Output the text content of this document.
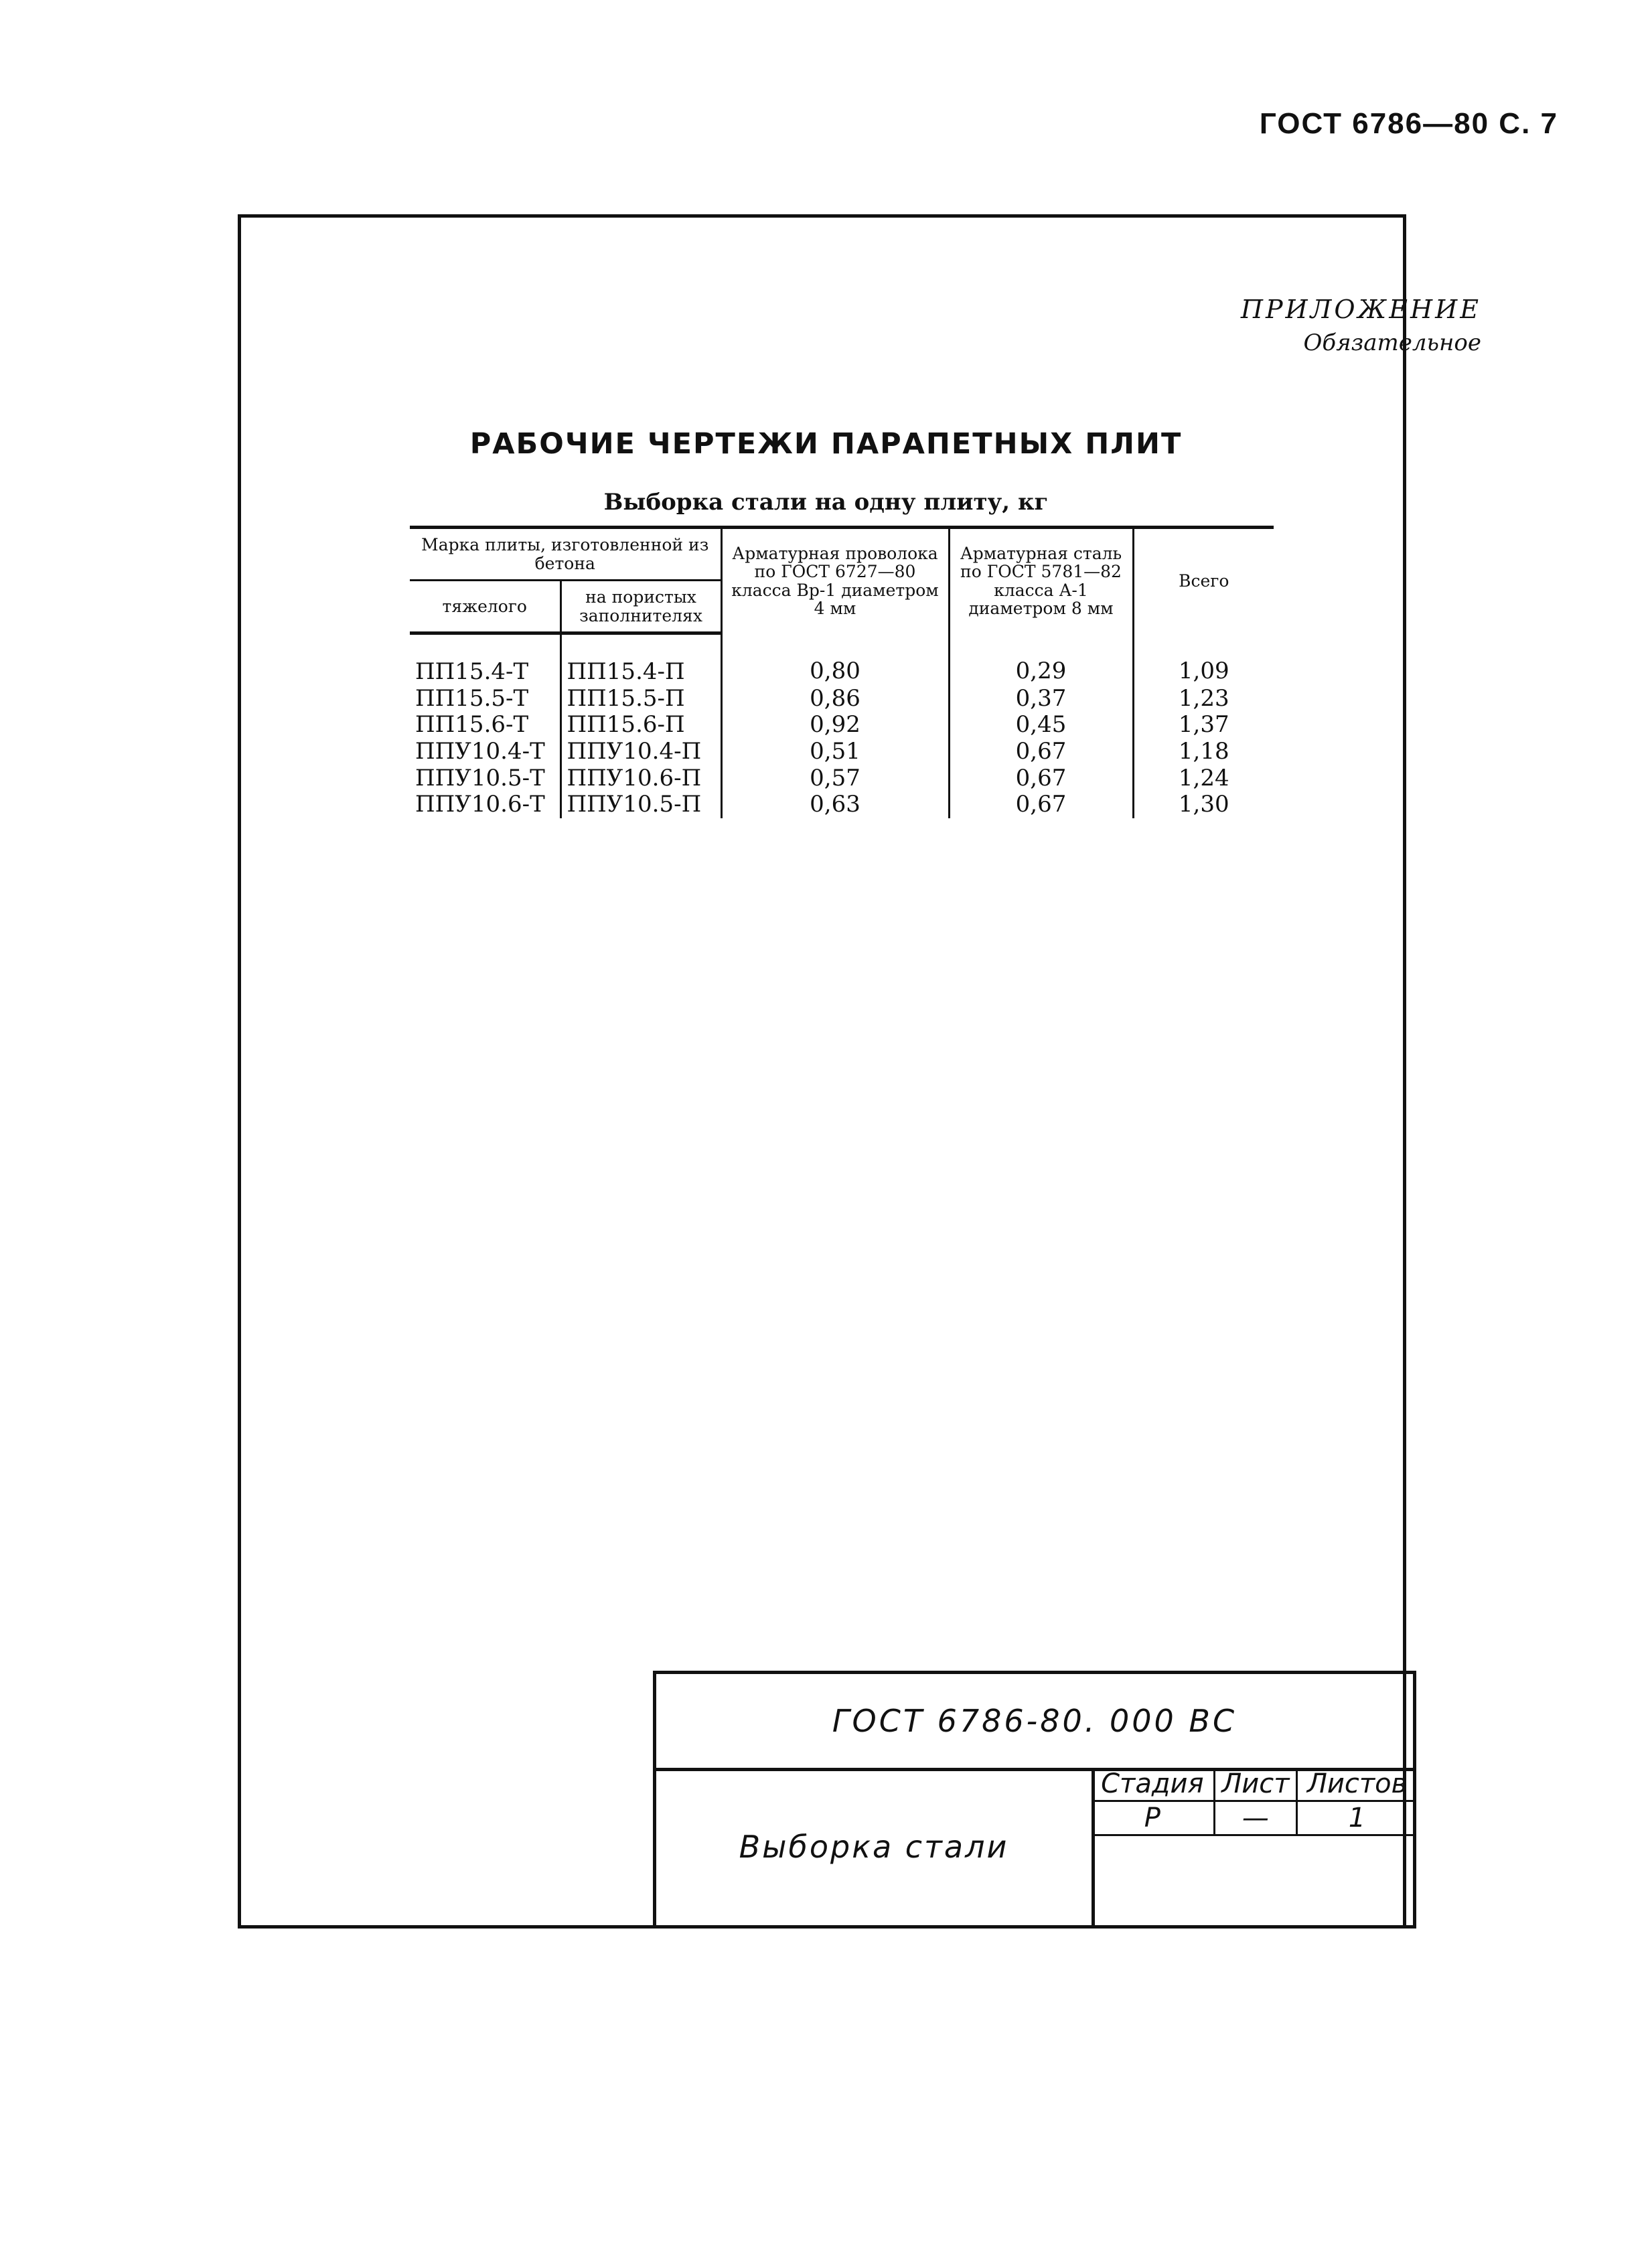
ГОСТ 6786—80 С. 7
ПРИЛОЖЕНИЕ
Обязательное
РАБОЧИЕ ЧЕРТЕЖИ ПАРАПЕТНЫХ ПЛИТ
Выборка стали на одну плиту, кг
Марка плиты, изготовленной из бетона		Арматурная проволока по ГОСТ 6727—80 класса Вр-1 диаметром 4 мм	Арматурная сталь по ГОСТ 5781—82 класса А-1 диаметром 8 мм	Всего
тяжелого	на пористых заполнителях			
ПП15.4-Т	ПП15.4-П	0,80	0,29	1,09
ПП15.5-Т	ПП15.5-П	0,86	0,37	1,23
ПП15.6-Т	ПП15.6-П	0,92	0,45	1,37
ППУ10.4-Т	ППУ10.4-П	0,51	0,67	1,18
ППУ10.5-Т	ППУ10.6-П	0,57	0,67	1,24
ППУ10.6-Т	ППУ10.5-П	0,63	0,67	1,30
ГОСТ 6786-80. 000 ВС
Выборка стали
Стадия	Лист	Листов
Р	—	1
